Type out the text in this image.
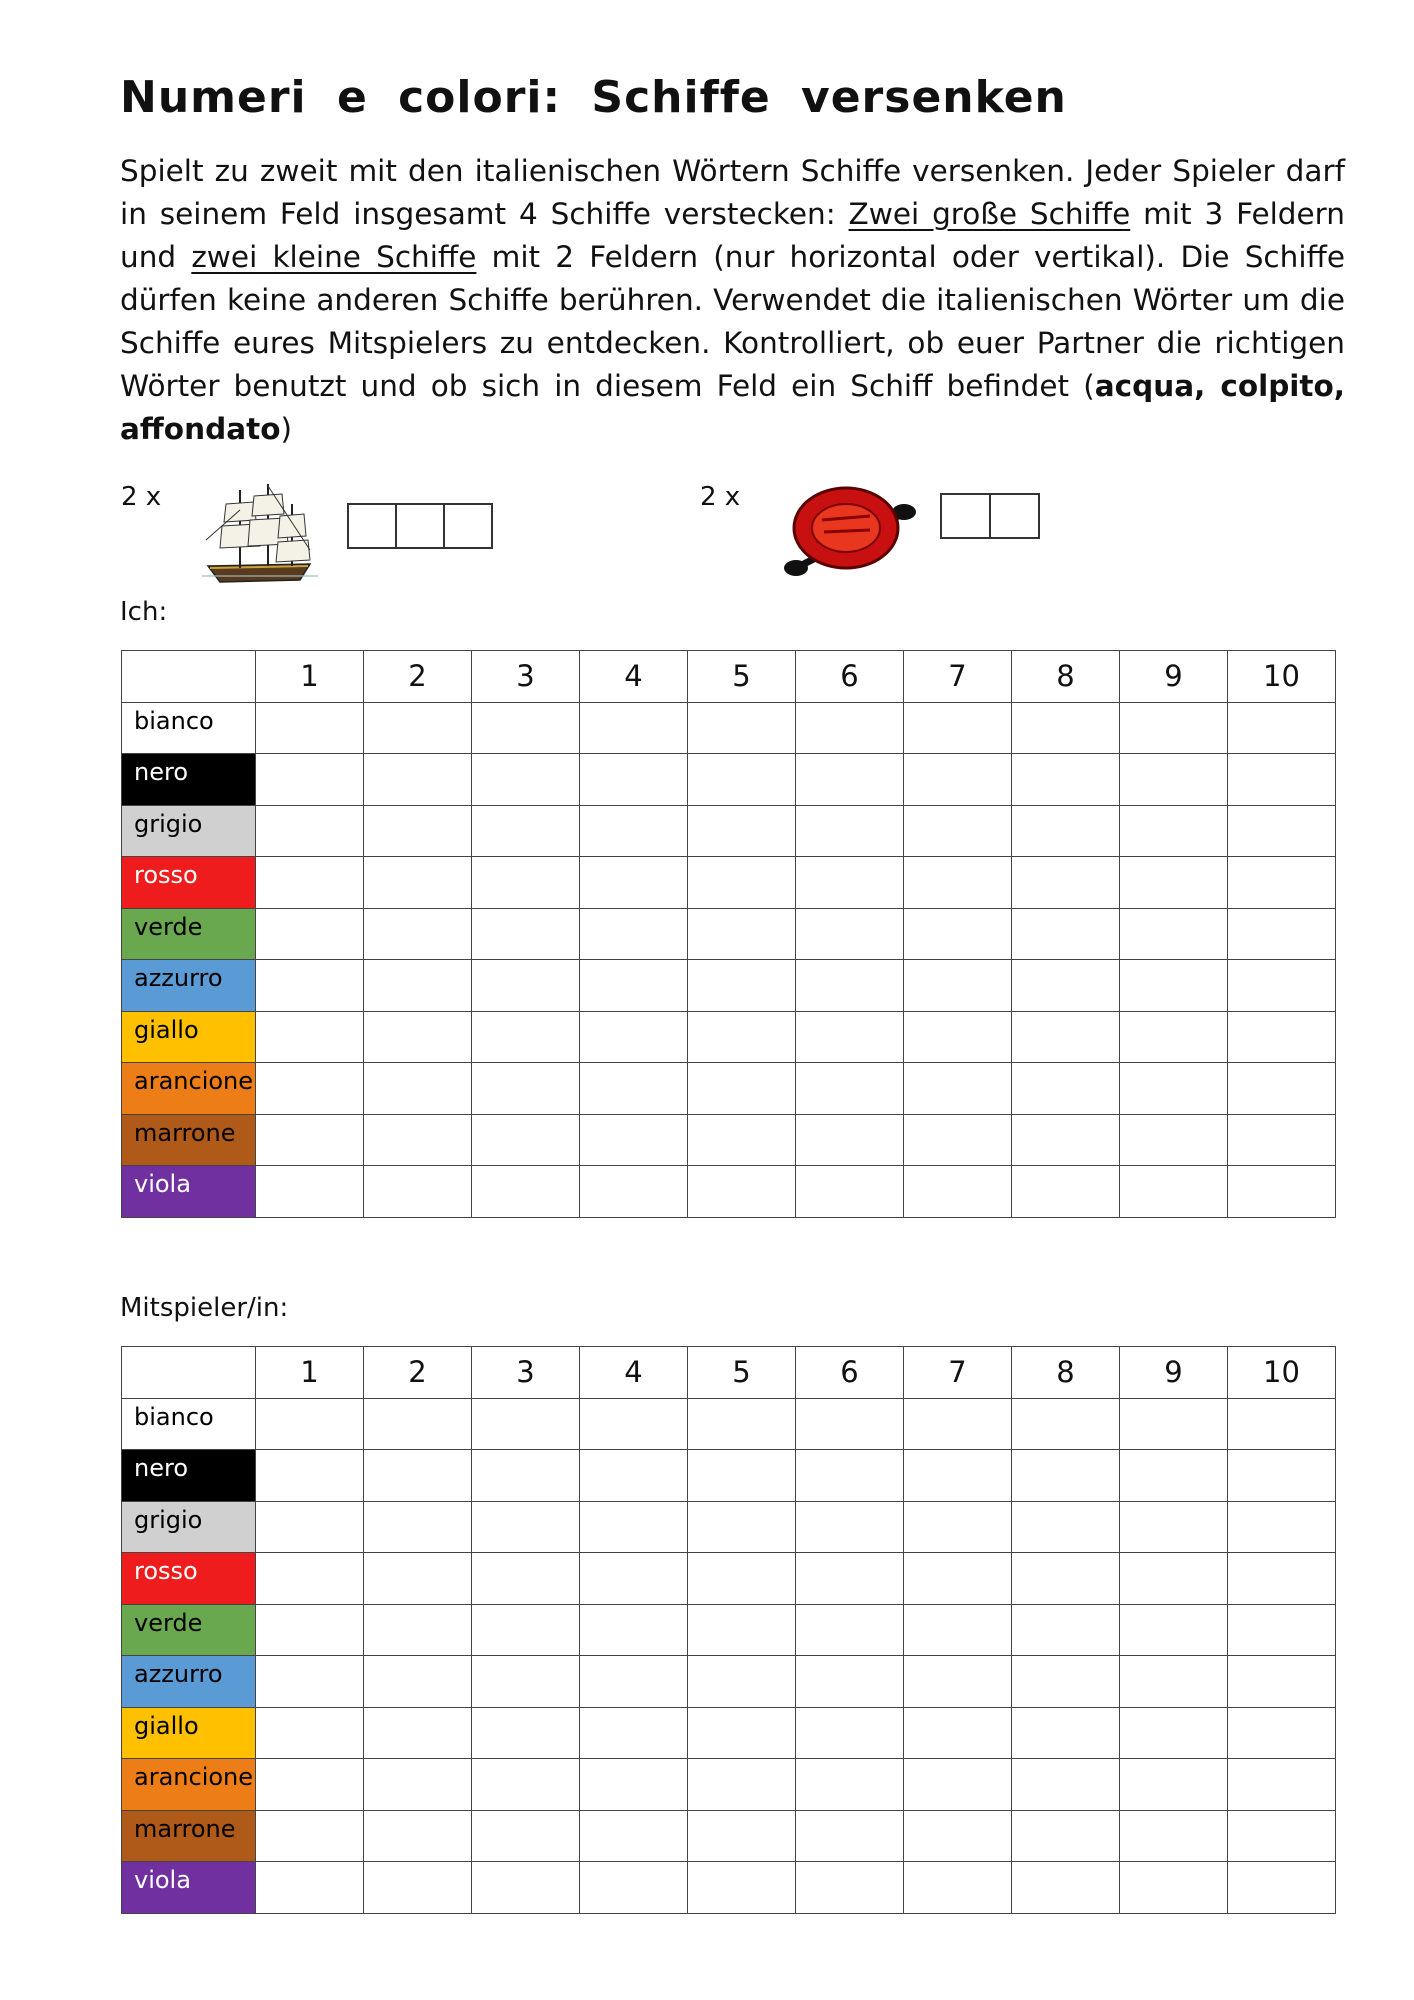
Numeri e colori: Schiffe versenken
Spielt zu zweit mit den italienischen Wörtern Schiffe versenken. Jeder Spieler darf in seinem Feld insgesamt 4 Schiffe verstecken: Zwei große Schiffe mit 3 Feldern und zwei kleine Schiffe mit 2 Feldern (nur horizontal oder vertikal). Die Schiffe dürfen keine anderen Schiffe berühren. Verwendet die italienischen Wörter um die Schiffe eures Mitspielers zu entdecken. Kontrolliert, ob euer Partner die richtigen Wörter benutzt und ob sich in diesem Feld ein Schiff befindet (acqua, colpito, affondato)
2 x	2 x
Ich:
	1	2	3	4	5	6	7	8	9	10
bianco										
nero										
grigio										
rosso										
verde										
azzurro										
giallo										
arancione										
marrone										
viola										
Mitspieler/in:
	1	2	3	4	5	6	7	8	9	10
bianco										
nero										
grigio										
rosso										
verde										
azzurro										
giallo										
arancione										
marrone										
viola										
